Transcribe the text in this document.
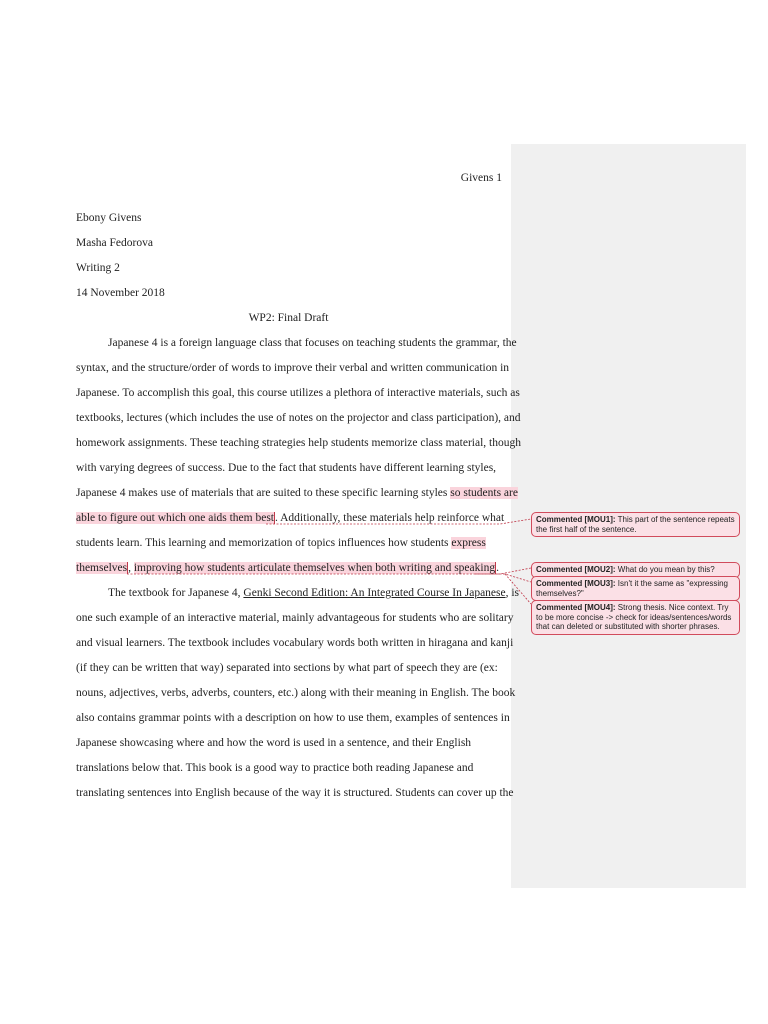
Givens 1
Ebony Givens
Masha Fedorova
Writing 2
14 November 2018
WP2: Final Draft
Japanese 4 is a foreign language class that focuses on teaching students the grammar, the
syntax, and the structure/order of words to improve their verbal and written communication in
Japanese. To accomplish this goal, this course utilizes a plethora of interactive materials, such as
textbooks, lectures (which includes the use of notes on the projector and class participation), and
homework assignments. These teaching strategies help students memorize class material, though
with varying degrees of success. Due to the fact that students have different learning styles,
Japanese 4 makes use of materials that are suited to these specific learning styles so students are
able to figure out which one aids them best. Additionally, these materials help reinforce what
students learn. This learning and memorization of topics influences how students express
themselves, improving how students articulate themselves when both writing and speaking.
The textbook for Japanese 4, Genki Second Edition: An Integrated Course In Japanese, is
one such example of an interactive material, mainly advantageous for students who are solitary
and visual learners. The textbook includes vocabulary words both written in hiragana and kanji
(if they can be written that way) separated into sections by what part of speech they are (ex:
nouns, adjectives, verbs, adverbs, counters, etc.) along with their meaning in English. The book
also contains grammar points with a description on how to use them, examples of sentences in
Japanese showcasing where and how the word is used in a sentence, and their English
translations below that. This book is a good way to practice both reading Japanese and
translating sentences into English because of the way it is structured. Students can cover up the
Commented [MOU1]: This part of the sentence repeats the first half of the sentence.
Commented [MOU2]: What do you mean by this?
Commented [MOU3]: Isn't it the same as "expressing themselves?"
Commented [MOU4]: Strong thesis. Nice context. Try to be more concise -> check for ideas/sentences/words that can deleted or substituted with shorter phrases.
